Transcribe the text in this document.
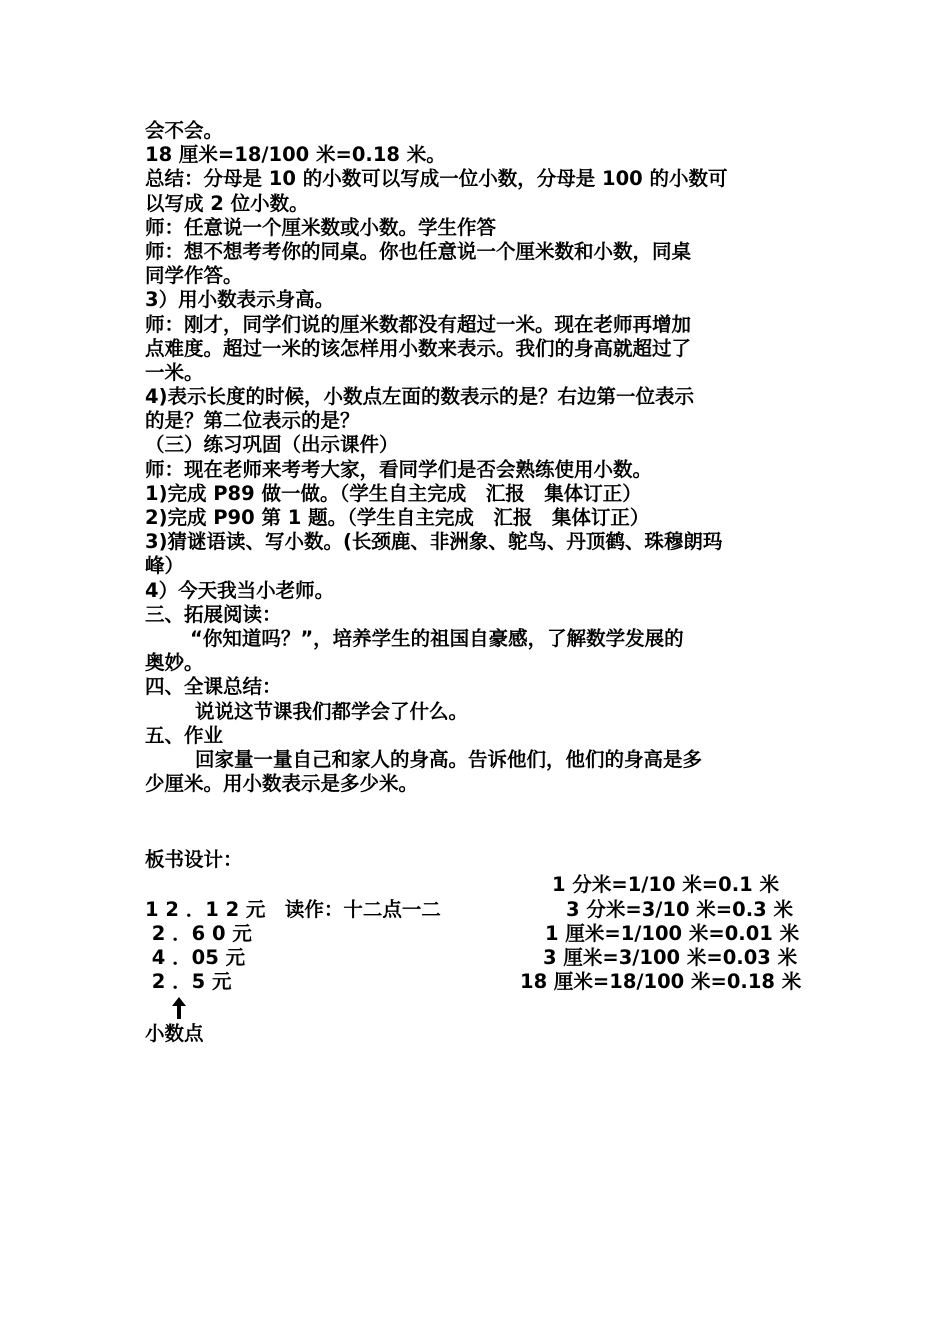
会不会。
18 厘米=18/100 米=0.18 米。
总结：分母是 10 的小数可以写成一位小数，分母是 100 的小数可
以写成 2 位小数。
师：任意说一个厘米数或小数。学生作答
师：想不想考考你的同桌。你也任意说一个厘米数和小数，同桌
同学作答。
3）用小数表示身高。
师：刚才，同学们说的厘米数都没有超过一米。现在老师再增加
点难度。超过一米的该怎样用小数来表示。我们的身高就超过了
一米。
4)表示长度的时候，小数点左面的数表示的是？右边第一位表示
的是？第二位表示的是？
（三）练习巩固（出示课件）
师：现在老师来考考大家，看同学们是否会熟练使用小数。
1)完成 P89 做一做。（学生自主完成　汇报　集体订正）
2)完成 P90 第 1 题。（学生自主完成　汇报　集体订正）
3)猜谜语读、写小数。(长颈鹿、非洲象、鸵鸟、丹顶鹤、珠穆朗玛
峰）
4）今天我当小老师。
三、拓展阅读：
“你知道吗？”，培养学生的祖国自豪感，了解数学发展的
奥妙。
四、全课总结：
说说这节课我们都学会了什么。
五、作业
回家量一量自己和家人的身高。告诉他们，他们的身高是多
少厘米。用小数表示是多少米。
板书设计：
1 分米=1/10 米=0.1 米
3 分米=3/10 米=0.3 米
1 厘米=1/100 米=0.01 米
3 厘米=3/100 米=0.03 米
18 厘米=18/100 米=0.18 米
1 2 ．1 2 元　读作：十二点一二
2 ．6 0 元
4 ．05 元
2 ．5 元
小数点
